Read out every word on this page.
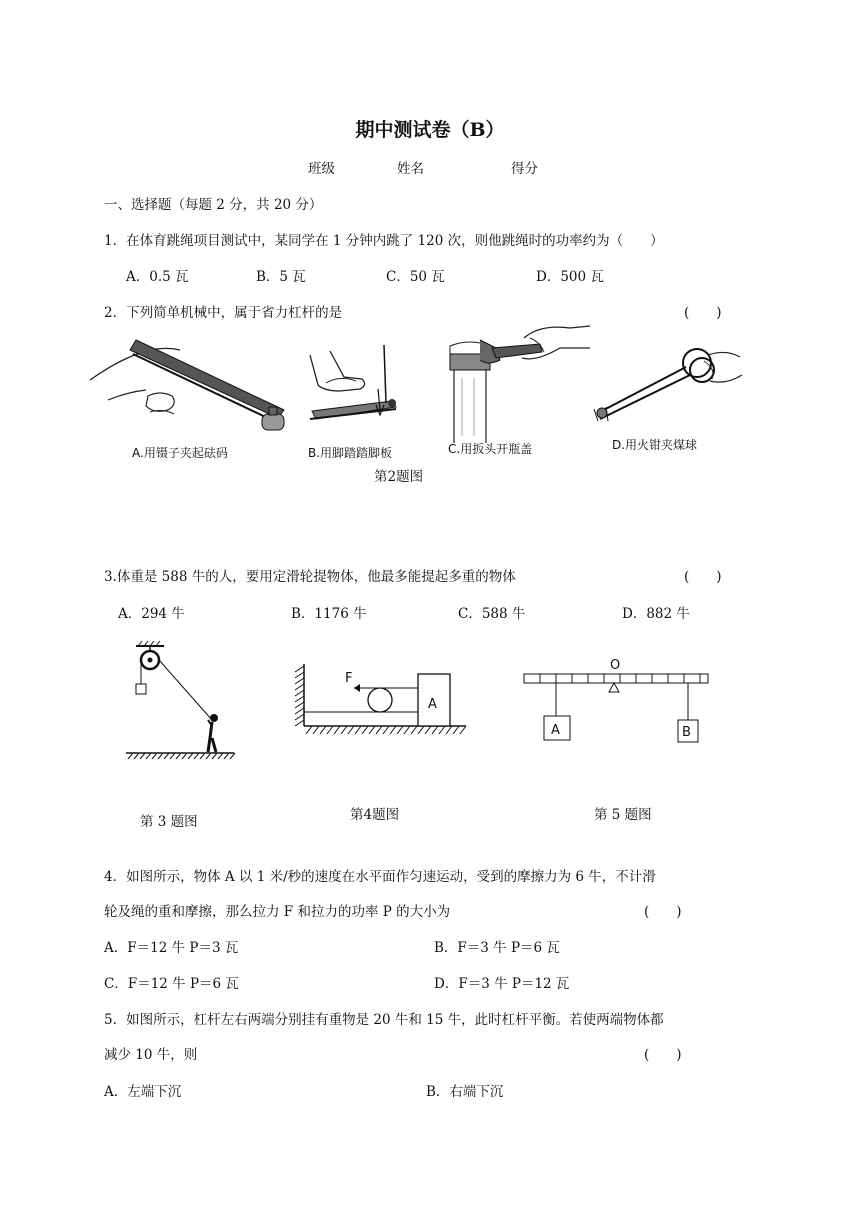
期中测试卷（B）
班级	姓名	得分
一、选择题（每题 2 分，共 20 分）
1．在体育跳绳项目测试中，某同学在 1 分钟内跳了 120 次，则他跳绳时的功率约为（　　）
A．0.5 瓦	B．5 瓦	C．50 瓦	D．500 瓦
2．下列简单机械中，属于省力杠杆的是	(　　)
A.用镊子夹起砝码	B.用脚踏踏脚板	C.用扳头开瓶盖	D.用火钳夹煤球
第2题图
3.体重是 588 牛的人，要用定滑轮提物体，他最多能提起多重的物体	(　　)
A．294 牛	B．1176 牛	C．588 牛	D．882 牛
第 3 题图
F
A
第4题图
O
A	B
第 5 题图
4．如图所示，物体 A 以 1 米/秒的速度在水平面作匀速运动，受到的摩擦力为 6 牛，不计滑
轮及绳的重和摩擦，那么拉力 F 和拉力的功率 P 的大小为	(　　)
A．F＝12 牛 P＝3 瓦	B．F＝3 牛 P＝6 瓦
C．F＝12 牛 P＝6 瓦	D．F＝3 牛 P＝12 瓦
5．如图所示，杠杆左右两端分别挂有重物是 20 牛和 15 牛，此时杠杆平衡。若使两端物体都
减少 10 牛，则	(　　)
A．左端下沉	B．右端下沉
